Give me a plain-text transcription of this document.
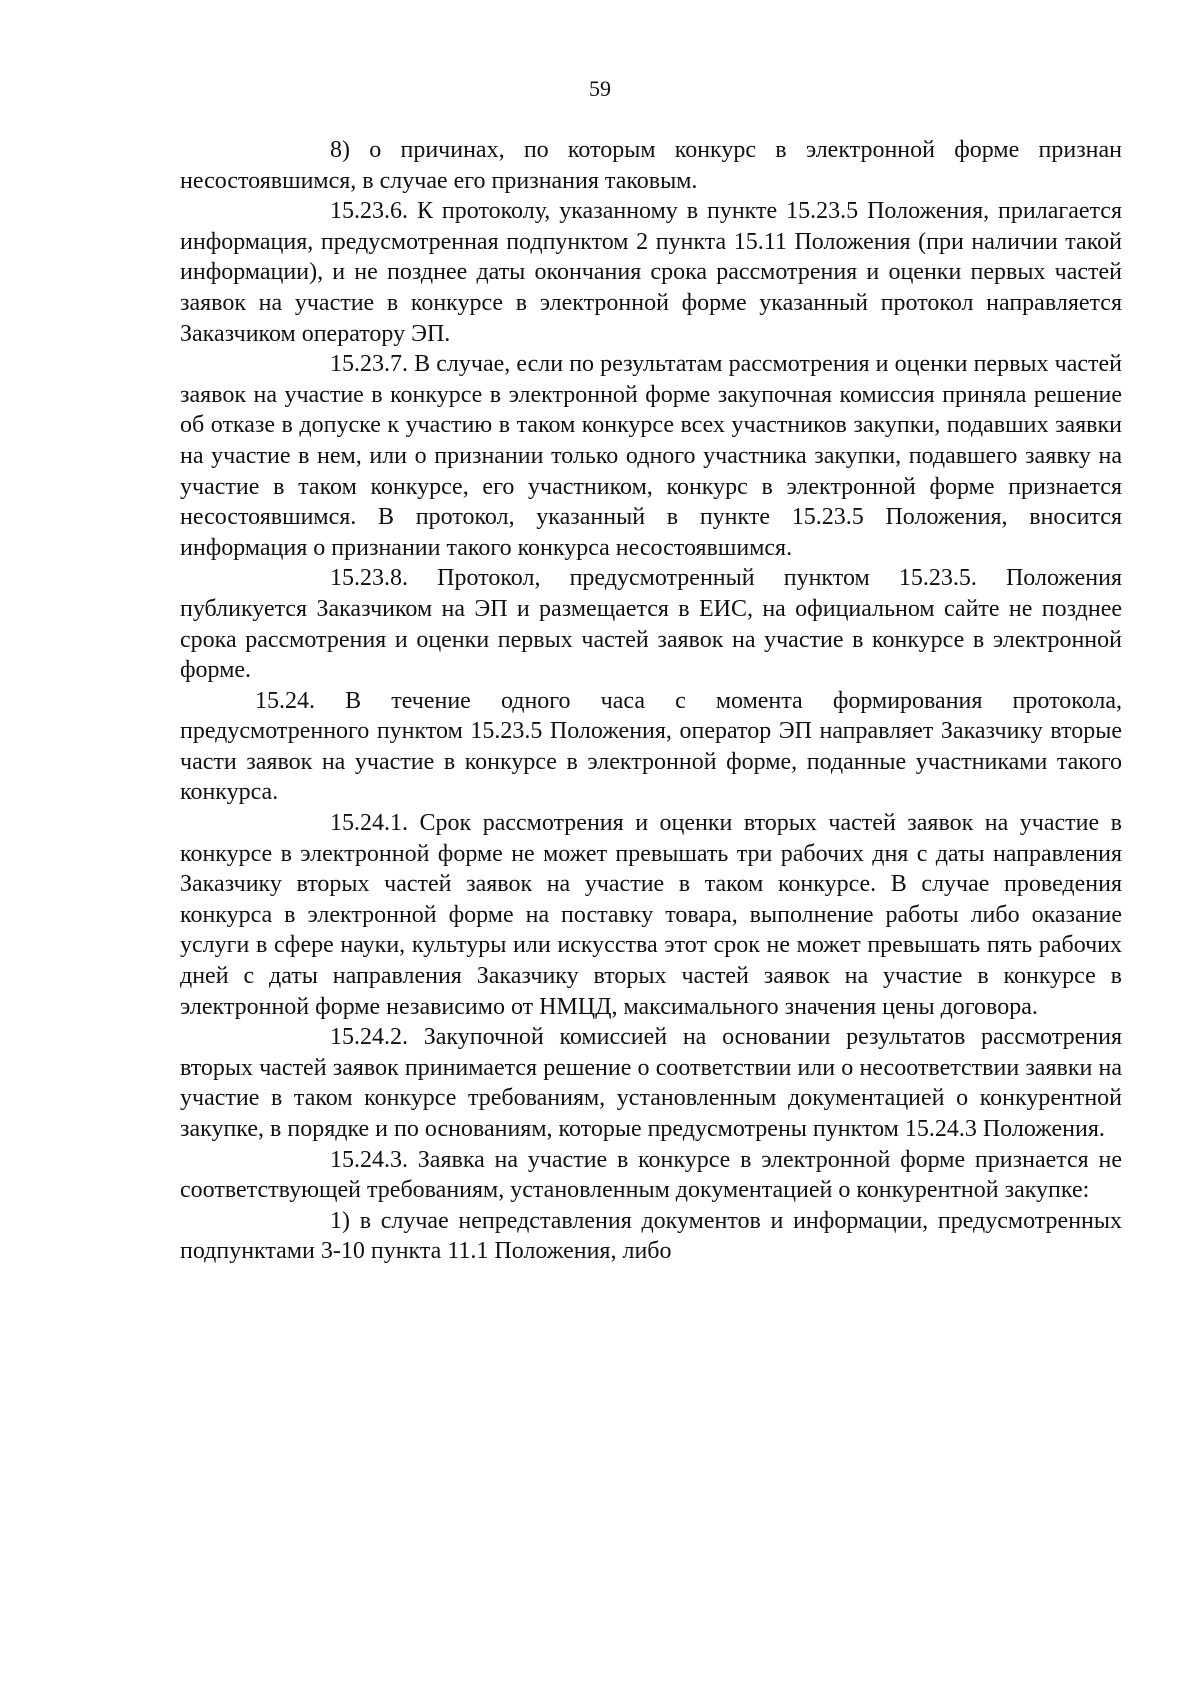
59

8) о причинах, по которым конкурс в электронной форме признан несостоявшимся, в случае его признания таковым.

15.23.6. К протоколу, указанному в пункте 15.23.5 Положения, прилагается информация, предусмотренная подпунктом 2 пункта 15.11 Положения (при наличии такой информации), и не позднее даты окончания срока рассмотрения и оценки первых частей заявок на участие в конкурсе в электронной форме указанный протокол направляется Заказчиком оператору ЭП.

15.23.7. В случае, если по результатам рассмотрения и оценки первых частей заявок на участие в конкурсе в электронной форме закупочная комиссия приняла решение об отказе в допуске к участию в таком конкурсе всех участников закупки, подавших заявки на участие в нем, или о признании только одного участника закупки, подавшего заявку на участие в таком конкурсе, его участником, конкурс в электронной форме признается несостоявшимся. В протокол, указанный в пункте 15.23.5 Положения, вносится информация о признании такого конкурса несостоявшимся.

15.23.8. Протокол, предусмотренный пунктом 15.23.5. Положения публикуется Заказчиком на ЭП и размещается в ЕИС, на официальном сайте не позднее срока рассмотрения и оценки первых частей заявок на участие в конкурсе в электронной форме.

15.24. В течение одного часа с момента формирования протокола, предусмотренного пунктом 15.23.5 Положения, оператор ЭП направляет Заказчику вторые части заявок на участие в конкурсе в электронной форме, поданные участниками такого конкурса.

15.24.1. Срок рассмотрения и оценки вторых частей заявок на участие в конкурсе в электронной форме не может превышать три рабочих дня с даты направления Заказчику вторых частей заявок на участие в таком конкурсе. В случае проведения конкурса в электронной форме на поставку товара, выполнение работы либо оказание услуги в сфере науки, культуры или искусства этот срок не может превышать пять рабочих дней с даты направления Заказчику вторых частей заявок на участие в конкурсе в электронной форме независимо от НМЦД, максимального значения цены договора.

15.24.2. Закупочной комиссией на основании результатов рассмотрения вторых частей заявок принимается решение о соответствии или о несоответствии заявки на участие в таком конкурсе требованиям, установленным документацией о конкурентной закупке, в порядке и по основаниям, которые предусмотрены пунктом 15.24.3 Положения.

15.24.3. Заявка на участие в конкурсе в электронной форме признается не соответствующей требованиям, установленным документацией о конкурентной закупке:

1) в случае непредставления документов и информации, предусмотренных подпунктами 3-10 пункта 11.1 Положения, либо
